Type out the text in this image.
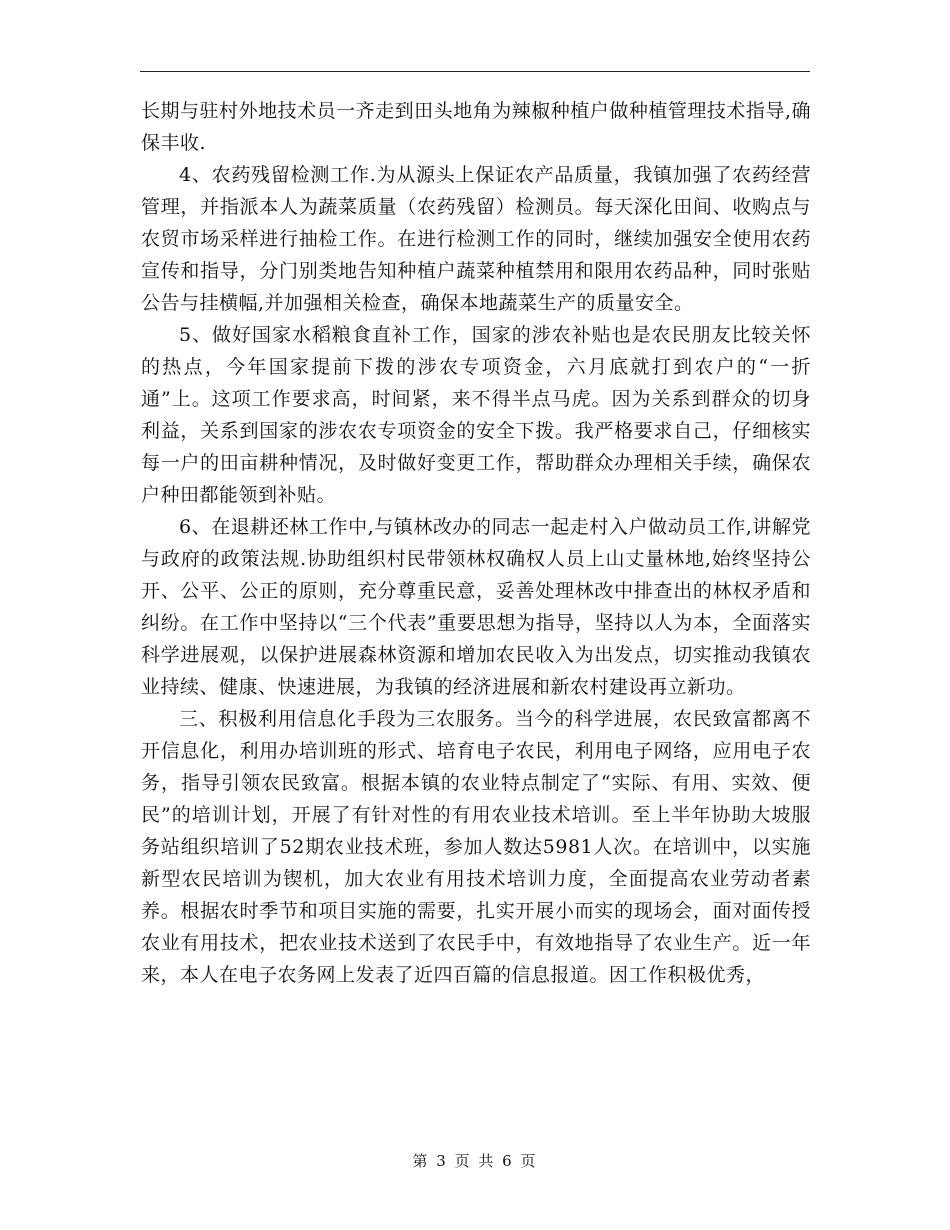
长期与驻村外地技术员一齐走到田头地角为辣椒种植户做种植管理技术指导,确保丰收.

4、农药残留检测工作.为从源头上保证农产品质量，我镇加强了农药经营管理，并指派本人为蔬菜质量（农药残留）检测员。每天深化田间、收购点与农贸市场采样进行抽检工作。在进行检测工作的同时，继续加强安全使用农药宣传和指导，分门别类地告知种植户蔬菜种植禁用和限用农药品种，同时张贴公告与挂横幅,并加强相关检查，确保本地蔬菜生产的质量安全。

5、做好国家水稻粮食直补工作，国家的涉农补贴也是农民朋友比较关怀的热点，今年国家提前下拨的涉农专项资金，六月底就打到农户的“一折通”上。这项工作要求高，时间紧，来不得半点马虎。因为关系到群众的切身利益，关系到国家的涉农农专项资金的安全下拨。我严格要求自己，仔细核实每一户的田亩耕种情况，及时做好变更工作，帮助群众办理相关手续，确保农户种田都能领到补贴。

6、在退耕还林工作中,与镇林改办的同志一起走村入户做动员工作,讲解党与政府的政策法规.协助组织村民带领林权确权人员上山丈量林地,始终坚持公开、公平、公正的原则，充分尊重民意，妥善处理林改中排查出的林权矛盾和纠纷。在工作中坚持以“三个代表”重要思想为指导，坚持以人为本，全面落实科学进展观，以保护进展森林资源和增加农民收入为出发点，切实推动我镇农业持续、健康、快速进展，为我镇的经济进展和新农村建设再立新功。

三、积极利用信息化手段为三农服务。当今的科学进展，农民致富都离不开信息化，利用办培训班的形式、培育电子农民，利用电子网络，应用电子农务，指导引领农民致富。根据本镇的农业特点制定了“实际、有用、实效、便民”的培训计划，开展了有针对性的有用农业技术培训。至上半年协助大坡服务站组织培训了52期农业技术班，参加人数达5981人次。在培训中，以实施新型农民培训为锲机，加大农业有用技术培训力度，全面提高农业劳动者素养。根据农时季节和项目实施的需要，扎实开展小而实的现场会，面对面传授农业有用技术，把农业技术送到了农民手中，有效地指导了农业生产。近一年来，本人在电子农务网上发表了近四百篇的信息报道。因工作积极优秀，

第 3 页 共 6 页
